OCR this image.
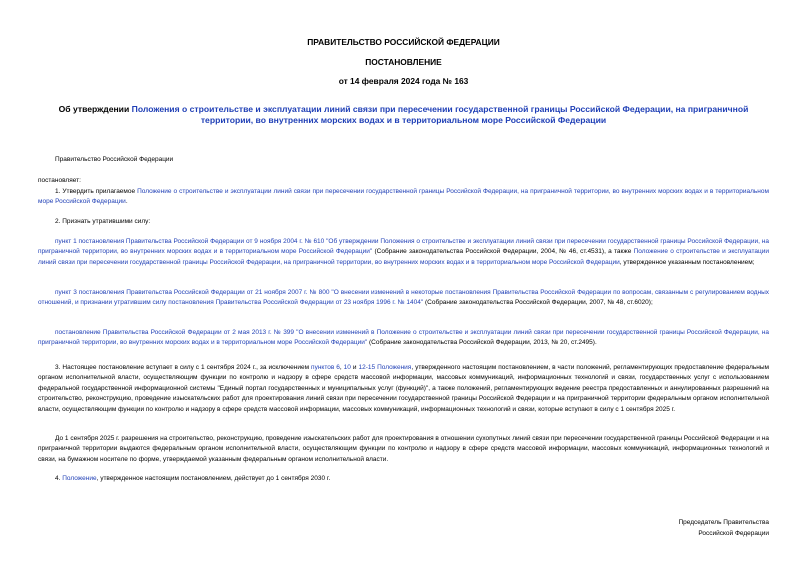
ПРАВИТЕЛЬСТВО РОССИЙСКОЙ ФЕДЕРАЦИИ
ПОСТАНОВЛЕНИЕ
от 14 февраля 2024 года № 163
Об утверждении Положения о строительстве и эксплуатации линий связи при пересечении государственной границы Российской Федерации, на приграничной территории, во внутренних морских водах и в территориальном море Российской Федерации
Правительство Российской Федерации
постановляет:
1. Утвердить прилагаемое Положение о строительстве и эксплуатации линий связи при пересечении государственной границы Российской Федерации, на приграничной территории, во внутренних морских водах и в территориальном море Российской Федерации.
2. Признать утратившими силу:
пункт 1 постановления Правительства Российской Федерации от 9 ноября 2004 г. № 610 "Об утверждении Положения о строительстве и эксплуатации линий связи при пересечении государственной границы Российской Федерации, на приграничной территории, во внутренних морских водах и в территориальном море Российской Федерации" (Собрание законодательства Российской Федерации, 2004, № 46, ст.4531), а также Положение о строительстве и эксплуатации линий связи при пересечении государственной границы Российской Федерации, на приграничной территории, во внутренних морских водах и в территориальном море Российской Федерации, утвержденное указанным постановлением;
пункт 3 постановления Правительства Российской Федерации от 21 ноября 2007 г. № 800 "О внесении изменений в некоторые постановления Правительства Российской Федерации по вопросам, связанным с регулированием водных отношений, и признании утратившим силу постановления Правительства Российской Федерации от 23 ноября 1996 г. № 1404" (Собрание законодательства Российской Федерации, 2007, № 48, ст.6020);
постановление Правительства Российской Федерации от 2 мая 2013 г. № 399 "О внесении изменений в Положение о строительстве и эксплуатации линий связи при пересечении государственной границы Российской Федерации, на приграничной территории, во внутренних морских водах и в территориальном море Российской Федерации" (Собрание законодательства Российской Федерации, 2013, № 20, ст.2495).
3. Настоящее постановление вступает в силу с 1 сентября 2024 г., за исключением пунктов 6, 10 и 12-15 Положения, утвержденного настоящим постановлением, в части положений, регламентирующих предоставление федеральным органом исполнительной власти, осуществляющим функции по контролю и надзору в сфере средств массовой информации, массовых коммуникаций, информационных технологий и связи, государственных услуг с использованием федеральной государственной информационной системы "Единый портал государственных и муниципальных услуг (функций)", а также положений, регламентирующих ведение реестра предоставленных и аннулированных разрешений на строительство, реконструкцию, проведение изыскательских работ для проектирования линий связи при пересечении государственной границы Российской Федерации и на приграничной территории федеральным органом исполнительной власти, осуществляющим функции по контролю и надзору в сфере средств массовой информации, массовых коммуникаций, информационных технологий и связи, которые вступают в силу с 1 сентября 2025 г.
До 1 сентября 2025 г. разрешения на строительство, реконструкцию, проведение изыскательских работ для проектирования в отношении сухопутных линий связи при пересечении государственной границы Российской Федерации и на приграничной территории выдаются федеральным органом исполнительной власти, осуществляющим функции по контролю и надзору в сфере средств массовой информации, массовых коммуникаций, информационных технологий и связи, на бумажном носителе по форме, утверждаемой указанным федеральным органом исполнительной власти.
4. Положение, утвержденное настоящим постановлением, действует до 1 сентября 2030 г.
Председатель Правительства
Российской Федерации
